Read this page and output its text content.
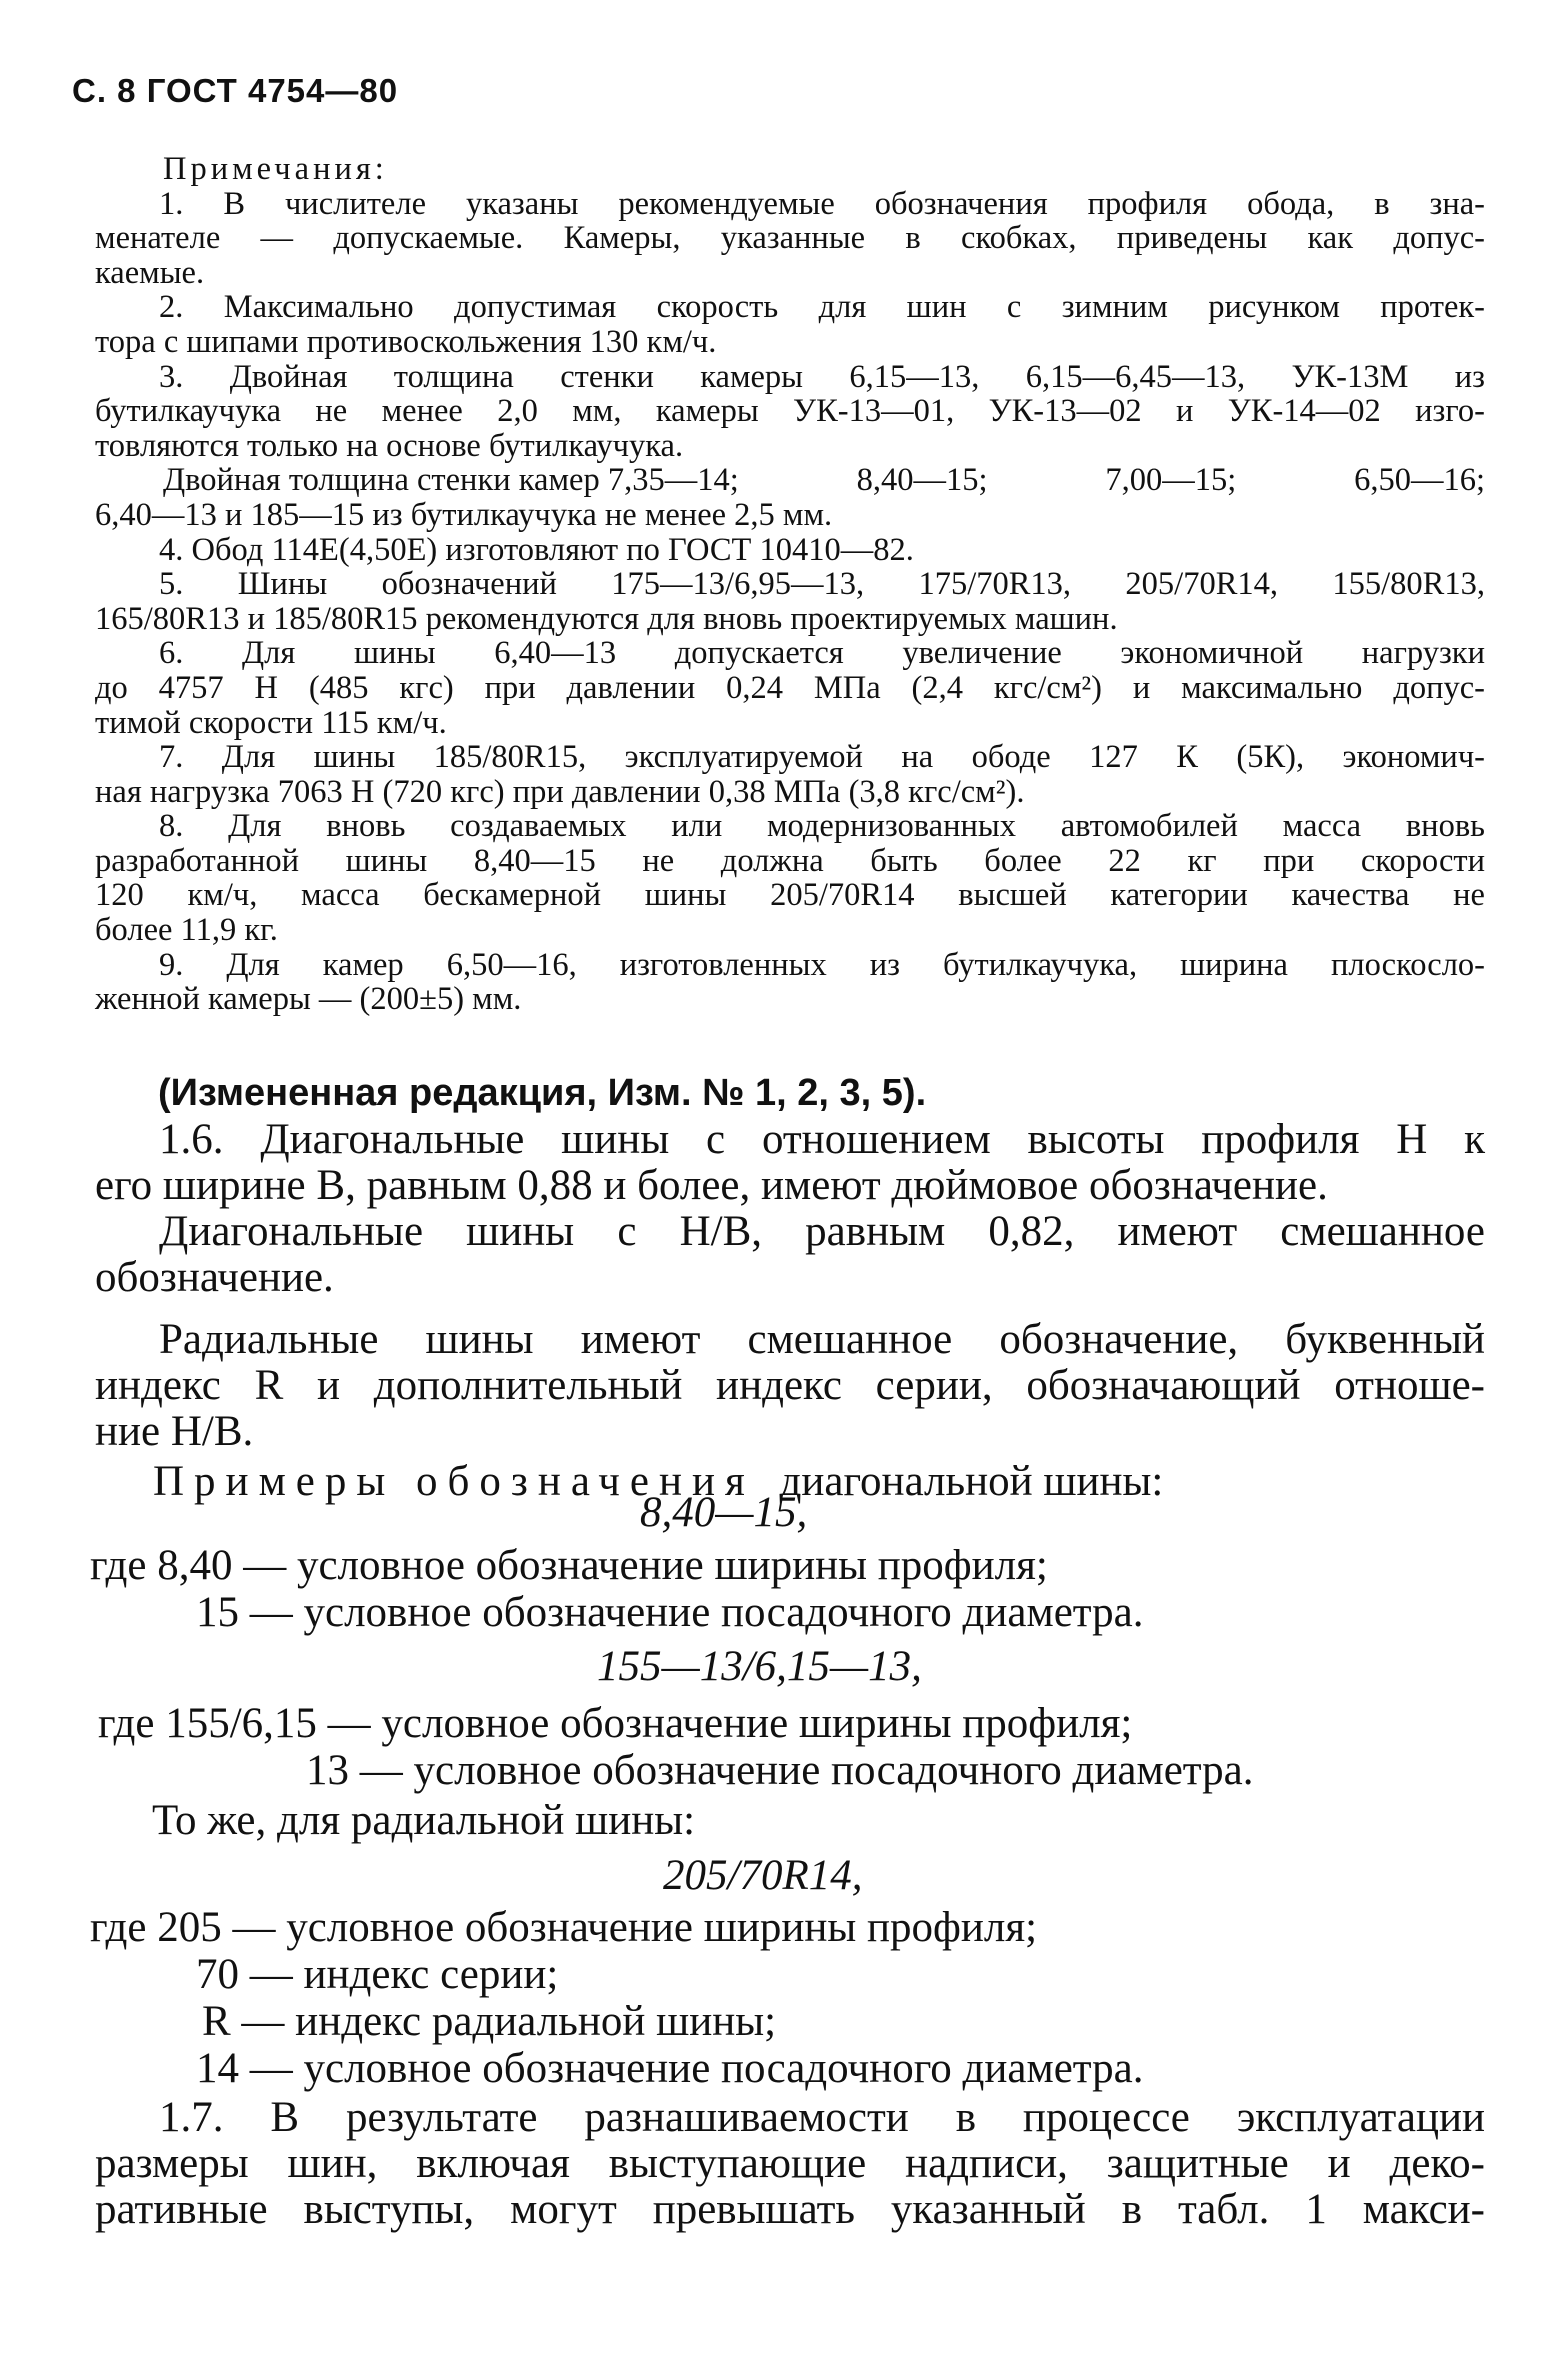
С. 8 ГОСТ 4754—80

Примечания:

1. В числителе указаны рекомендуемые обозначения профиля обода, в зна-

менателе — допускаемые. Камеры, указанные в скобках, приведены как допус-

каемые.

2. Максимально допустимая скорость для шин с зимним рисунком протек-

тора с шипами противоскольжения 130 км/ч.

3. Двойная толщина стенки камеры 6,15—13, 6,15—6,45—13, УК-13М из

бутилкаучука не менее 2,0 мм, камеры УК-13—01, УК-13—02 и УК-14—02 изго-

товляются только на основе бутилкаучука.

Двойная толщина стенки камер 7,35—14;	8,40—15;	7,00—15;	6,50—16;

6,40—13 и 185—15 из бутилкаучука не менее 2,5 мм.

4. Обод 114Е(4,50Е) изготовляют по ГОСТ 10410—82.

5. Шины обозначений 175—13/6,95—13, 175/70R13, 205/70R14, 155/80R13,

165/80R13 и 185/80R15 рекомендуются для вновь проектируемых машин.

6. Для шины 6,40—13 допускается увеличение экономичной нагрузки

до 4757 Н (485 кгс) при давлении 0,24 МПа (2,4 кгс/см²) и максимально допус-

тимой скорости 115 км/ч.

7. Для шины 185/80R15, эксплуатируемой на ободе 127 К (5К), экономич-

ная нагрузка 7063 Н (720 кгс) при давлении 0,38 МПа (3,8 кгс/см²).

8. Для вновь создаваемых или модернизованных автомобилей масса вновь

разработанной шины 8,40—15 не должна быть более 22 кг при скорости

120 км/ч, масса бескамерной шины 205/70R14 высшей категории качества не

более 11,9 кг.

9. Для камер 6,50—16, изготовленных из бутилкаучука, ширина плоскосло-

женной камеры — (200±5) мм.

(Измененная редакция, Изм. № 1, 2, 3, 5).

1.6. Диагональные шины с отношением высоты профиля Н к

его ширине В, равным 0,88 и более, имеют дюймовое обозначение.

Диагональные шины с Н/В, равным 0,82, имеют смешанное

обозначение.

Радиальные шины имеют смешанное обозначение, буквенный

индекс R и дополнительный индекс серии, обозначающий отноше-

ние Н/В.

Примеры обозначения диагональной шины:

8,40—15,
где 8,40 — условное обозначение ширины профиля;
15 — условное обозначение посадочного диаметра.
155—13/6,15—13,
где 155/6,15 — условное обозначение ширины профиля;
13 — условное обозначение посадочного диаметра.
То же, для радиальной шины:
205/70R14,
где 205 — условное обозначение ширины профиля;
70 — индекс серии;
R — индекс радиальной шины;
14 — условное обозначение посадочного диаметра.

1.7. В результате разнашиваемости в процессе эксплуатации

размеры шин, включая выступающие надписи, защитные и деко-

ративные выступы, могут превышать указанный в табл. 1 макси-
